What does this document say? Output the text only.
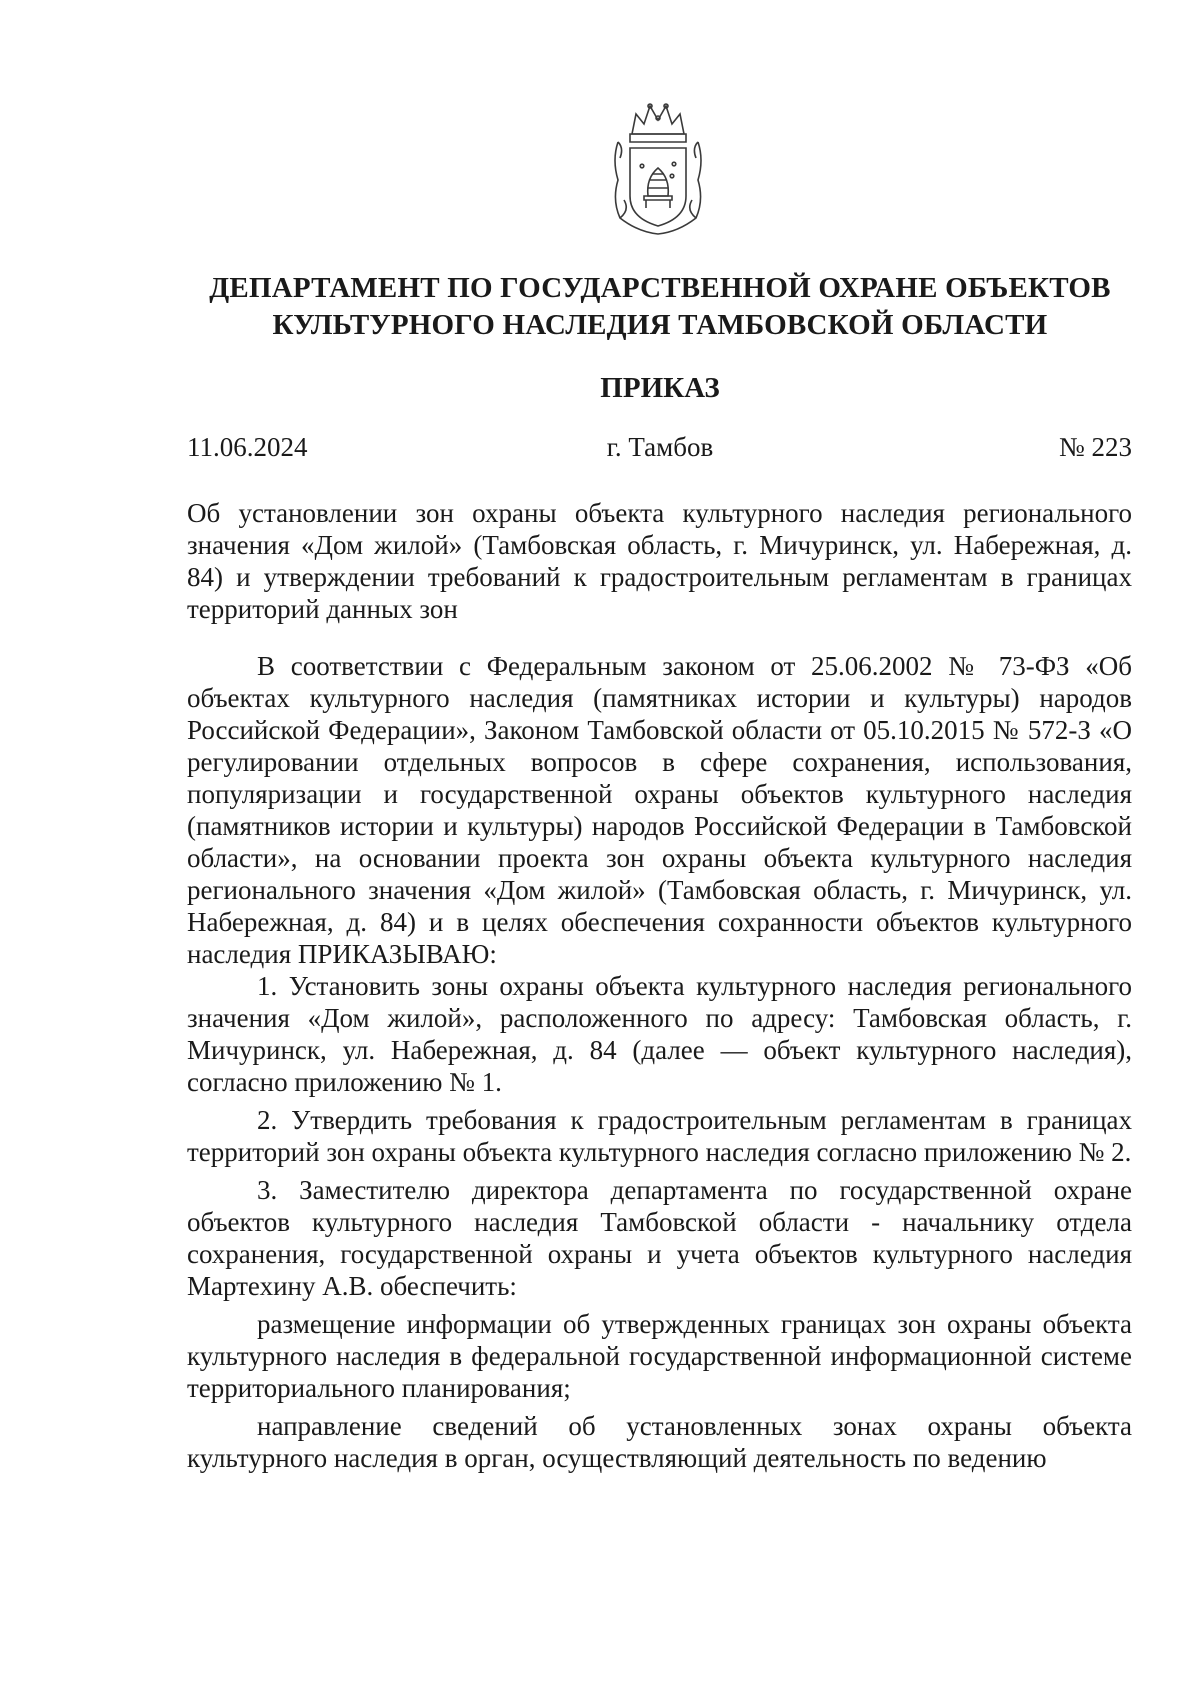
ДЕПАРТАМЕНТ ПО ГОСУДАРСТВЕННОЙ ОХРАНЕ ОБЪЕКТОВ
КУЛЬТУРНОГО НАСЛЕДИЯ ТАМБОВСКОЙ ОБЛАСТИ
ПРИКАЗ
11.06.2024	г. Тамбов	№ 223
Об установлении зон охраны объекта культурного наследия регионального значения «Дом жилой» (Тамбовская область, г. Мичуринск, ул. Набережная, д. 84) и утверждении требований к градостроительным регламентам в границах территорий данных зон

В соответствии с Федеральным законом от 25.06.2002 № 73-ФЗ «Об объектах культурного наследия (памятниках истории и культуры) народов Российской Федерации», Законом Тамбовской области от 05.10.2015 № 572-З «О регулировании отдельных вопросов в сфере сохранения, использования, популяризации и государственной охраны объектов культурного наследия (памятников истории и культуры) народов Российской Федерации в Тамбовской области», на основании проекта зон охраны объекта культурного наследия регионального значения «Дом жилой» (Тамбовская область, г. Мичуринск, ул. Набережная, д. 84) и в целях обеспечения сохранности объектов культурного наследия ПРИКАЗЫВАЮ:

1. Установить зоны охраны объекта культурного наследия регионального значения «Дом жилой», расположенного по адресу: Тамбовская область, г. Мичуринск, ул. Набережная, д. 84 (далее — объект культурного наследия), согласно приложению № 1.

2. Утвердить требования к градостроительным регламентам в границах территорий зон охраны объекта культурного наследия согласно приложению № 2.

3. Заместителю директора департамента по государственной охране объектов культурного наследия Тамбовской области - начальнику отдела сохранения, государственной охраны и учета объектов культурного наследия Мартехину А.В. обеспечить:

размещение информации об утвержденных границах зон охраны объекта культурного наследия в федеральной государственной информационной системе территориального планирования;

направление сведений об установленных зонах охраны объекта культурного наследия в орган, осуществляющий деятельность по ведению
